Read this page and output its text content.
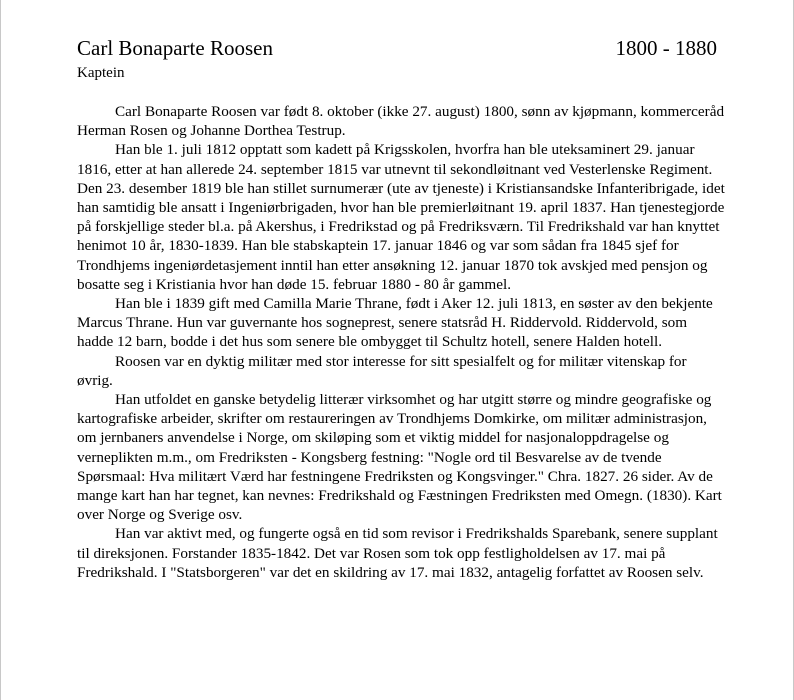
Carl Bonaparte Roosen	1800 - 1880
Kaptein

Carl Bonaparte Roosen var født 8. oktober (ikke 27. august) 1800, sønn av kjøpmann, kommerceråd Herman Rosen og Johanne Dorthea Testrup.

Han ble 1. juli 1812 opptatt som kadett på Krigsskolen, hvorfra han ble uteksaminert 29. januar 1816, etter at han allerede 24. september 1815 var utnevnt til sekondløitnant ved Vesterlenske Regiment. Den 23. desember 1819 ble han stillet surnumerær (ute av tjeneste) i Kristiansandske Infanteribrigade, idet han samtidig ble ansatt i Ingeniørbrigaden, hvor han ble premierløitnant 19. april 1837. Han tjenestegjorde på forskjellige steder bl.a. på Akershus, i Fredrikstad og på Fredriksværn. Til Fredrikshald var han knyttet henimot 10 år, 1830-1839. Han ble stabskaptein 17. januar 1846 og var som sådan fra 1845 sjef for Trondhjems ingeniørdetasjement inntil han etter ansøkning 12. januar 1870 tok avskjed med pensjon og bosatte seg i Kristiania hvor han døde 15. februar 1880 - 80 år gammel.

Han ble i 1839 gift med Camilla Marie Thrane, født i Aker 12. juli 1813, en søster av den bekjente Marcus Thrane. Hun var guvernante hos sogneprest, senere statsråd H. Riddervold. Riddervold, som hadde 12 barn, bodde i det hus som senere ble ombygget til Schultz hotell, senere Halden hotell.

Roosen var en dyktig militær med stor interesse for sitt spesialfelt og for militær vitenskap for øvrig.

Han utfoldet en ganske betydelig litterær virksomhet og har utgitt større og mindre geografiske og kartografiske arbeider, skrifter om restaureringen av Trondhjems Domkirke, om militær administrasjon, om jernbaners anvendelse i Norge, om skiløping som et viktig middel for nasjonaloppdragelse og verneplikten m.m., om Fredriksten - Kongsberg festning: "Nogle ord til Besvarelse av de tvende Spørsmaal: Hva militært Værd har festningene Fredriksten og Kongsvinger." Chra. 1827. 26 sider. Av de mange kart han har tegnet, kan nevnes: Fredrikshald og Fæstningen Fredriksten med Omegn. (1830). Kart over Norge og Sverige osv.

Han var aktivt med, og fungerte også en tid som revisor i Fredrikshalds Sparebank, senere supplant til direksjonen. Forstander 1835-1842. Det var Rosen som tok opp festligholdelsen av 17. mai på Fredrikshald. I "Statsborgeren" var det en skildring av 17. mai 1832, antagelig forfattet av Roosen selv.
